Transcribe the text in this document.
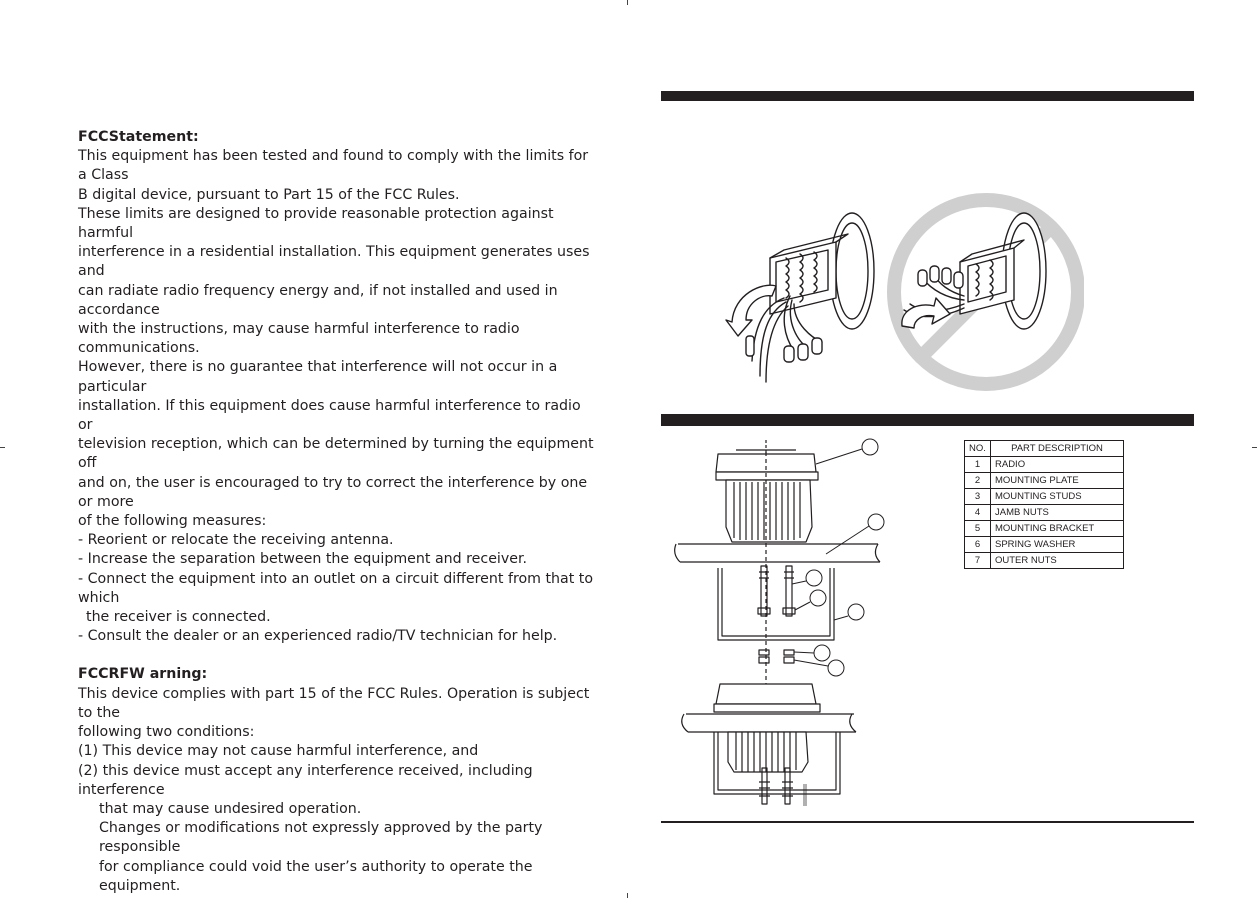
FCCStatement:

This equipment has been tested and found to comply with the limits for a Class

B digital device, pursuant to Part 15 of the FCC Rules.

These limits are designed to provide reasonable protection against harmful

interference in a residential installation. This equipment generates uses and

can radiate radio frequency energy and, if not installed and used in accordance

with the instructions, may cause harmful interference to radio communications.

However, there is no guarantee that interference will not occur in a particular

installation. If this equipment does cause harmful interference to radio or

television reception, which can be determined by turning the equipment off

and on, the user is encouraged to try to correct the interference by one or more

of the following measures:

- Reorient or relocate the receiving antenna.

- Increase the separation between the equipment and receiver.

- Connect the equipment into an outlet on a circuit different from that to which

the receiver is connected.

- Consult the dealer or an experienced radio/TV technician for help.

FCCRFW arning:

This device complies with part 15 of the FCC Rules. Operation is subject to the

following two conditions:

(1) This device may not cause harmful interference, and

(2) this device must accept any interference received, including interference

that may cause undesired operation.

Changes or modifications not expressly approved by the party responsible

for compliance could void the user’s authority to operate the equipment.

NO.	PART DESCRIPTION
1	RADIO
2	MOUNTING PLATE
3	MOUNTING STUDS
4	JAMB NUTS
5	MOUNTING BRACKET
6	SPRING WASHER
7	OUTER NUTS
